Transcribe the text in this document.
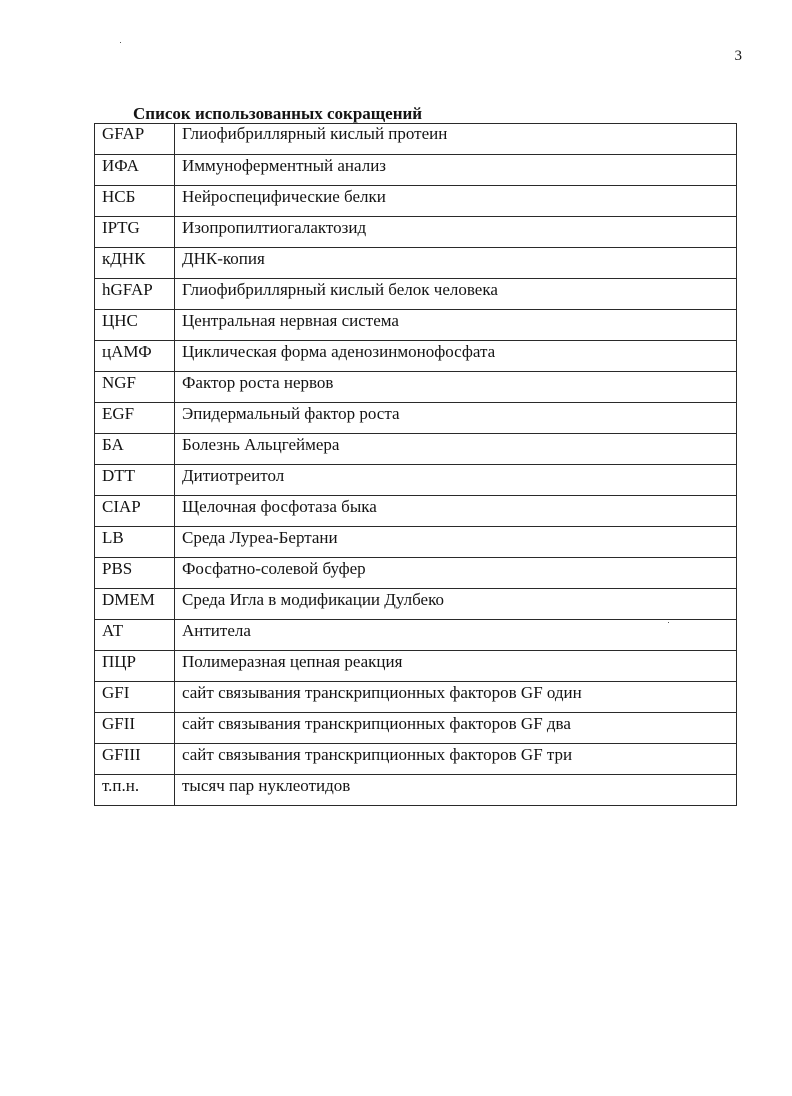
3
Список использованных сокращений
GFAP	Глиофибриллярный кислый протеин
ИФА	Иммуноферментный анализ
НСБ	Нейроспецифические белки
IPTG	Изопропилтиогалактозид
кДНК	ДНК-копия
hGFAP	Глиофибриллярный кислый белок человека
ЦНС	Центральная нервная система
цАМФ	Циклическая форма аденозинмонофосфата
NGF	Фактор роста нервов
EGF	Эпидермальный фактор роста
БА	Болезнь Альцгеймера
DTT	Дитиотреитол
CIAP	Щелочная фосфотаза быка
LB	Среда Луреа-Бертани
PBS	Фосфатно-солевой буфер
DMEM	Среда Игла в модификации Дулбеко
АТ	Антитела
ПЦР	Полимеразная цепная реакция
GFI	сайт связывания транскрипционных факторов GF один
GFII	сайт связывания транскрипционных факторов GF два
GFIII	сайт связывания транскрипционных факторов GF три
т.п.н.	тысяч пар нуклеотидов
